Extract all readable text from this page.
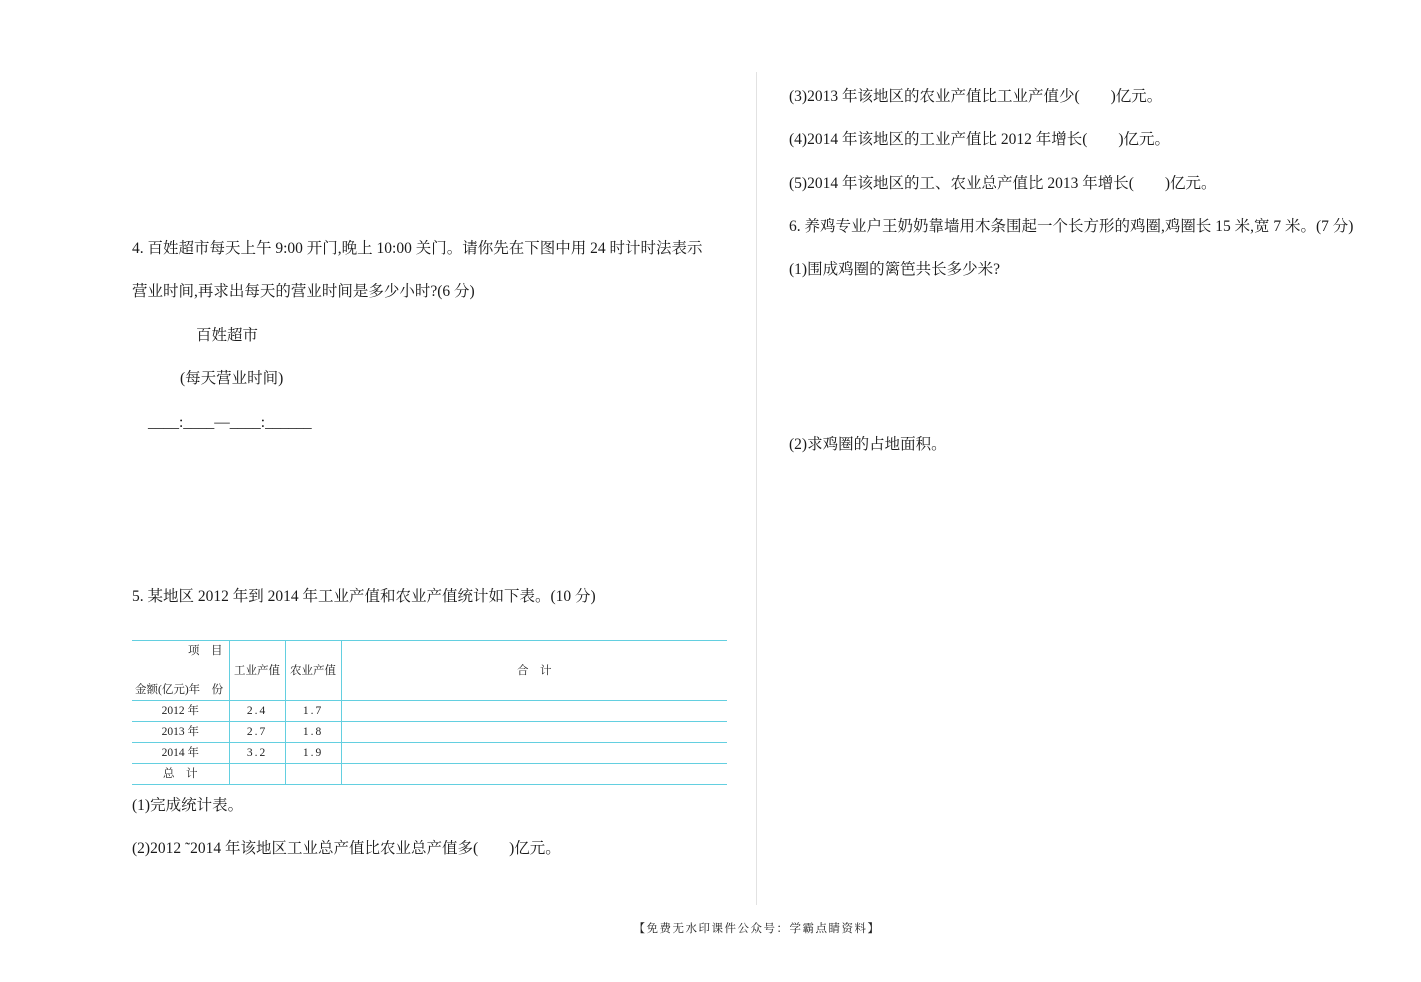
4. 百姓超市每天上午 9:00 开门,晚上 10:00 关门。请你先在下图中用 24 时计时法表示

营业时间,再求出每天的营业时间是多少小时?(6 分)

百姓超市

(每天营业时间)

____:____—____:______

5. 某地区 2012 年到 2014 年工业产值和农业产值统计如下表。(10 分)

项　目
金额(亿元)年　份	工业产值	农业产值	合　计
2012 年	2.4	1.7	
2013 年	2.7	1.8	
2014 年	3.2	1.9	
总　计			

(1)完成统计表。

(2)2012 ˜2014 年该地区工业总产值比农业总产值多(　　)亿元。

(3)2013 年该地区的农业产值比工业产值少(　　)亿元。

(4)2014 年该地区的工业产值比 2012 年增长(　　)亿元。

(5)2014 年该地区的工、农业总产值比 2013 年增长(　　)亿元。

6. 养鸡专业户王奶奶靠墙用木条围起一个长方形的鸡圈,鸡圈长 15 米,宽 7 米。(7 分)

(1)围成鸡圈的篱笆共长多少米?

(2)求鸡圈的占地面积。

【免费无水印课件公众号：学霸点睛资料】
